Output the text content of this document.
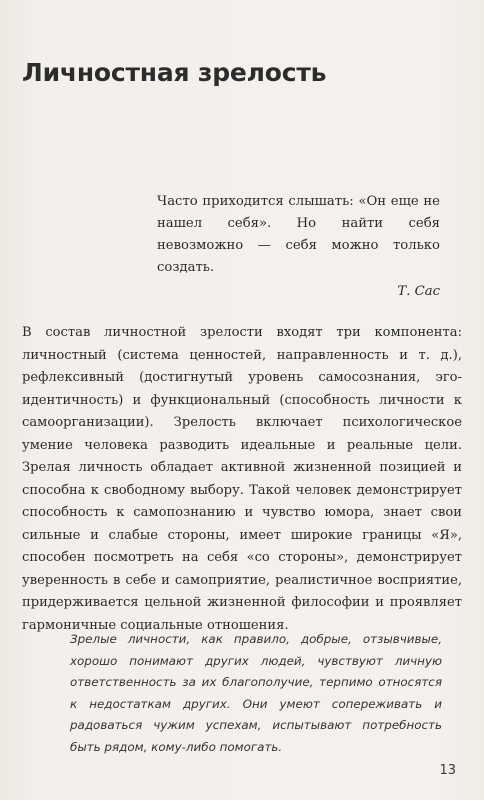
Личностная зрелость
Часто приходится слышать: «Он еще не нашел себя». Но найти себя невозможно — себя можно только создать.
Т. Сас
В состав личностной зрелости входят три компонента: личностный (система ценностей, направленность и т. д.), рефлексивный (достигнутый уровень самосознания, эго-идентичность) и функциональный (способность личности к самоорганизации). Зрелость включает психологическое умение человека разводить идеальные и реальные цели. Зрелая личность обладает активной жизненной позицией и способна к свободному выбору. Такой человек демонстрирует способность к самопознанию и чувство юмора, знает свои сильные и слабые стороны, имеет широкие границы «Я», способен посмотреть на себя «со стороны», демонстрирует уверенность в себе и самоприятие, реалистичное восприятие, придерживается цельной жизненной философии и проявляет гармоничные социальные отношения.
Зрелые личности, как правило, добрые, отзывчивые, хорошо понимают других людей, чувствуют личную ответственность за их благополучие, терпимо относятся к недостаткам других. Они умеют сопереживать и радоваться чужим успехам, испытывают потребность быть рядом, кому-либо помогать.
13
